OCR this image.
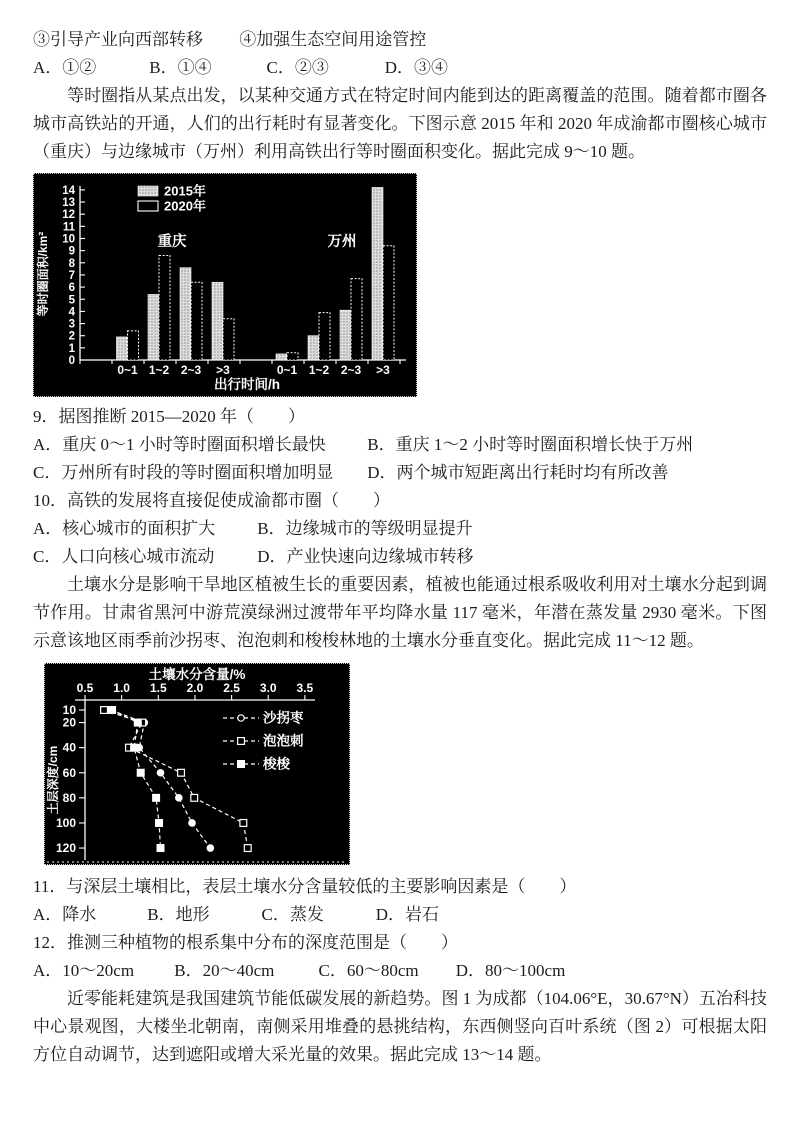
③引导产业向西部转移 ④加强生态空间用途管控
A．①②	B．①④	C．②③	D．③④

等时圈指从某点出发，以某种交通方式在特定时间内能到达的距离覆盖的范围。随着都市圈各城市高铁站的开通，人们的出行耗时有显著变化。下图示意 2015 年和 2020 年成渝都市圈核心城市（重庆）与边缘城市（万州）利用高铁出行等时圈面积变化。据此完成 9～10 题。

0
1
2
3
4
5
6
7
8
9
10
11
12
13
14
0~1 1~2 2~3 >3	0~1 1~2 2~3 >3
重庆	万州
2015年
2020年
等时圈面积/km²
出行时间/h
9．据图推断 2015—2020 年（　　）
A．重庆 0～1 小时等时圈面积增长最快 B．重庆 1～2 小时等时圈面积增长快于万州
C．万州所有时段的等时圈面积增加明显 D．两个城市短距离出行耗时均有所改善
10．高铁的发展将直接促使成渝都市圈（　　）
A．核心城市的面积扩大 B．边缘城市的等级明显提升
C．人口向核心城市流动	D．产业快速向边缘城市转移

土壤水分是影响干旱地区植被生长的重要因素，植被也能通过根系吸收利用对土壤水分起到调节作用。甘肃省黑河中游荒漠绿洲过渡带年平均降水量 117 毫米，年潜在蒸发量 2930 毫米。下图示意该地区雨季前沙拐枣、泡泡刺和梭梭林地的土壤水分垂直变化。据此完成 11～12 题。

土壤水分含量/%
0.5 1.0 1.5 2.0 2.5 3.0 3.5
10
20
40
60
80
100
120
沙拐枣
泡泡刺
梭梭
土层深度/cm
11．与深层土壤相比，表层土壤水分含量较低的主要影响因素是（　　）
A．降水	B．地形	C．蒸发	D．岩石
12．推测三种植物的根系集中分布的深度范围是（　　）
A．10～20cm B．20～40cm	C．60～80cm D．80～100cm

近零能耗建筑是我国建筑节能低碳发展的新趋势。图 1 为成都（104.06°E，30.67°N）五冶科技中心景观图，大楼坐北朝南，南侧采用堆叠的悬挑结构，东西侧竖向百叶系统（图 2）可根据太阳方位自动调节，达到遮阳或增大采光量的效果。据此完成 13～14 题。
